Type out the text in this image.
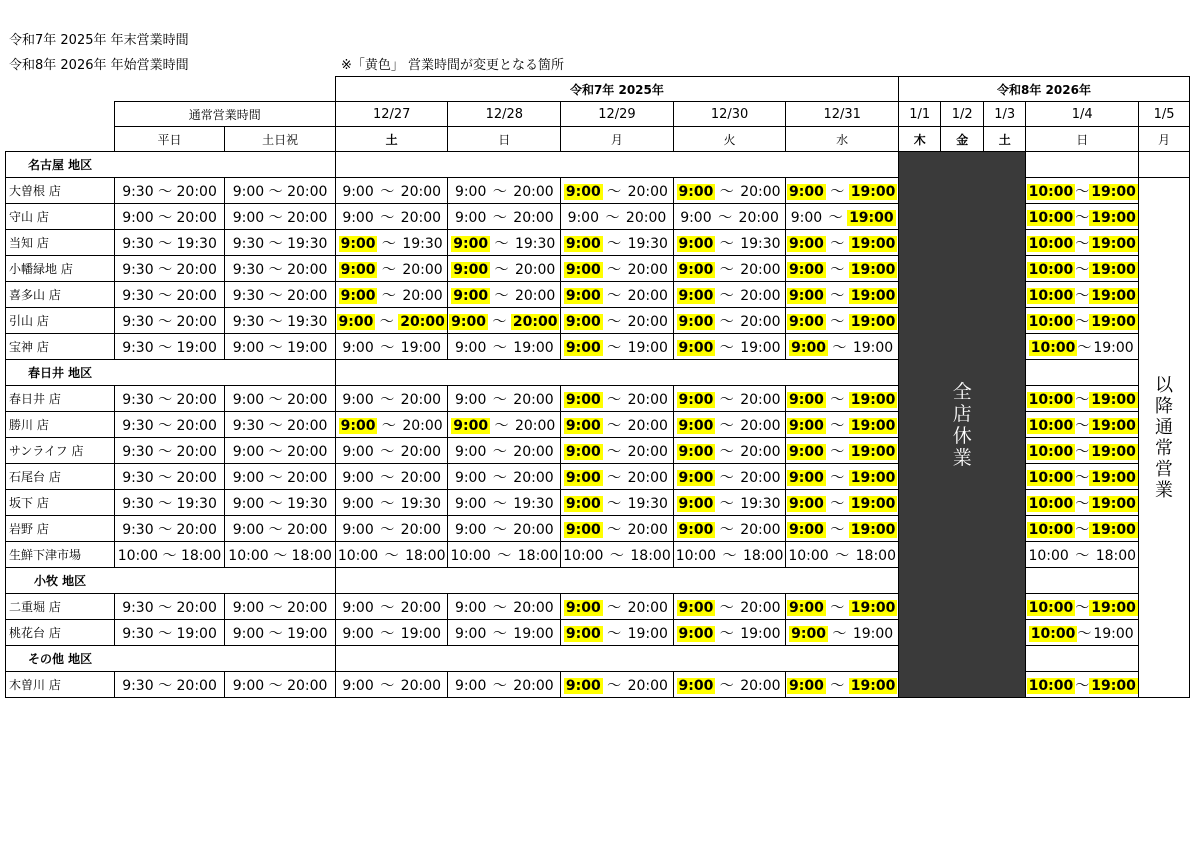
令和7年 2025年 年末営業時間
令和8年 2026年 年始営業時間	※「黄色」 営業時間が変更となる箇所
			令和7年 2025年					令和8年 2026年				
	通常営業時間		12/27	12/28	12/29	12/30	12/31	1/1	1/2	1/3	1/4	1/5
	平日	土日祝	土	日	月	火	水	木	金	土	日	月
名古屋 地区								全店休業				
大曽根 店	9:30 ～ 20:00	9:00 ～ 20:00	9:00 ～ 20:00	9:00 ～ 20:00	9:00 ～ 20:00	9:00 ～ 20:00	9:00 ～ 19:00				10:00 ～ 19:00	以降通常営業
守山 店	9:00 ～ 20:00	9:00 ～ 20:00	9:00 ～ 20:00	9:00 ～ 20:00	9:00 ～ 20:00	9:00 ～ 20:00	9:00 ～ 19:00				10:00 ～ 19:00	
当知 店	9:30 ～ 19:30	9:30 ～ 19:30	9:00 ～ 19:30	9:00 ～ 19:30	9:00 ～ 19:30	9:00 ～ 19:30	9:00 ～ 19:00				10:00 ～ 19:00	
小幡緑地 店	9:30 ～ 20:00	9:30 ～ 20:00	9:00 ～ 20:00	9:00 ～ 20:00	9:00 ～ 20:00	9:00 ～ 20:00	9:00 ～ 19:00				10:00 ～ 19:00	
喜多山 店	9:30 ～ 20:00	9:30 ～ 20:00	9:00 ～ 20:00	9:00 ～ 20:00	9:00 ～ 20:00	9:00 ～ 20:00	9:00 ～ 19:00				10:00 ～ 19:00	
引山 店	9:30 ～ 20:00	9:30 ～ 19:30	9:00 ～ 20:00	9:00 ～ 20:00	9:00 ～ 20:00	9:00 ～ 20:00	9:00 ～ 19:00				10:00 ～ 19:00	
宝神 店	9:30 ～ 19:00	9:00 ～ 19:00	9:00 ～ 19:00	9:00 ～ 19:00	9:00 ～ 19:00	9:00 ～ 19:00	9:00 ～ 19:00				10:00 ～ 19:00	
春日井 地区												
春日井 店	9:30 ～ 20:00	9:00 ～ 20:00	9:00 ～ 20:00	9:00 ～ 20:00	9:00 ～ 20:00	9:00 ～ 20:00	9:00 ～ 19:00				10:00 ～ 19:00	
勝川 店	9:30 ～ 20:00	9:30 ～ 20:00	9:00 ～ 20:00	9:00 ～ 20:00	9:00 ～ 20:00	9:00 ～ 20:00	9:00 ～ 19:00				10:00 ～ 19:00	
サンライフ 店	9:30 ～ 20:00	9:00 ～ 20:00	9:00 ～ 20:00	9:00 ～ 20:00	9:00 ～ 20:00	9:00 ～ 20:00	9:00 ～ 19:00				10:00 ～ 19:00	
石尾台 店	9:30 ～ 20:00	9:00 ～ 20:00	9:00 ～ 20:00	9:00 ～ 20:00	9:00 ～ 20:00	9:00 ～ 20:00	9:00 ～ 19:00				10:00 ～ 19:00	
坂下 店	9:30 ～ 19:30	9:00 ～ 19:30	9:00 ～ 19:30	9:00 ～ 19:30	9:00 ～ 19:30	9:00 ～ 19:30	9:00 ～ 19:00				10:00 ～ 19:00	
岩野 店	9:30 ～ 20:00	9:00 ～ 20:00	9:00 ～ 20:00	9:00 ～ 20:00	9:00 ～ 20:00	9:00 ～ 20:00	9:00 ～ 19:00				10:00 ～ 19:00	
生鮮下津市場	10:00 ～ 18:00	10:00 ～ 18:00	10:00 ～ 18:00	10:00 ～ 18:00	10:00 ～ 18:00	10:00 ～ 18:00	10:00 ～ 18:00				10:00 ～ 18:00	
小牧 地区												
二重堀 店	9:30 ～ 20:00	9:00 ～ 20:00	9:00 ～ 20:00	9:00 ～ 20:00	9:00 ～ 20:00	9:00 ～ 20:00	9:00 ～ 19:00				10:00 ～ 19:00	
桃花台 店	9:30 ～ 19:00	9:00 ～ 19:00	9:00 ～ 19:00	9:00 ～ 19:00	9:00 ～ 19:00	9:00 ～ 19:00	9:00 ～ 19:00				10:00 ～ 19:00	
その他 地区												
木曽川 店	9:30 ～ 20:00	9:00 ～ 20:00	9:00 ～ 20:00	9:00 ～ 20:00	9:00 ～ 20:00	9:00 ～ 20:00	9:00 ～ 19:00				10:00 ～ 19:00	
